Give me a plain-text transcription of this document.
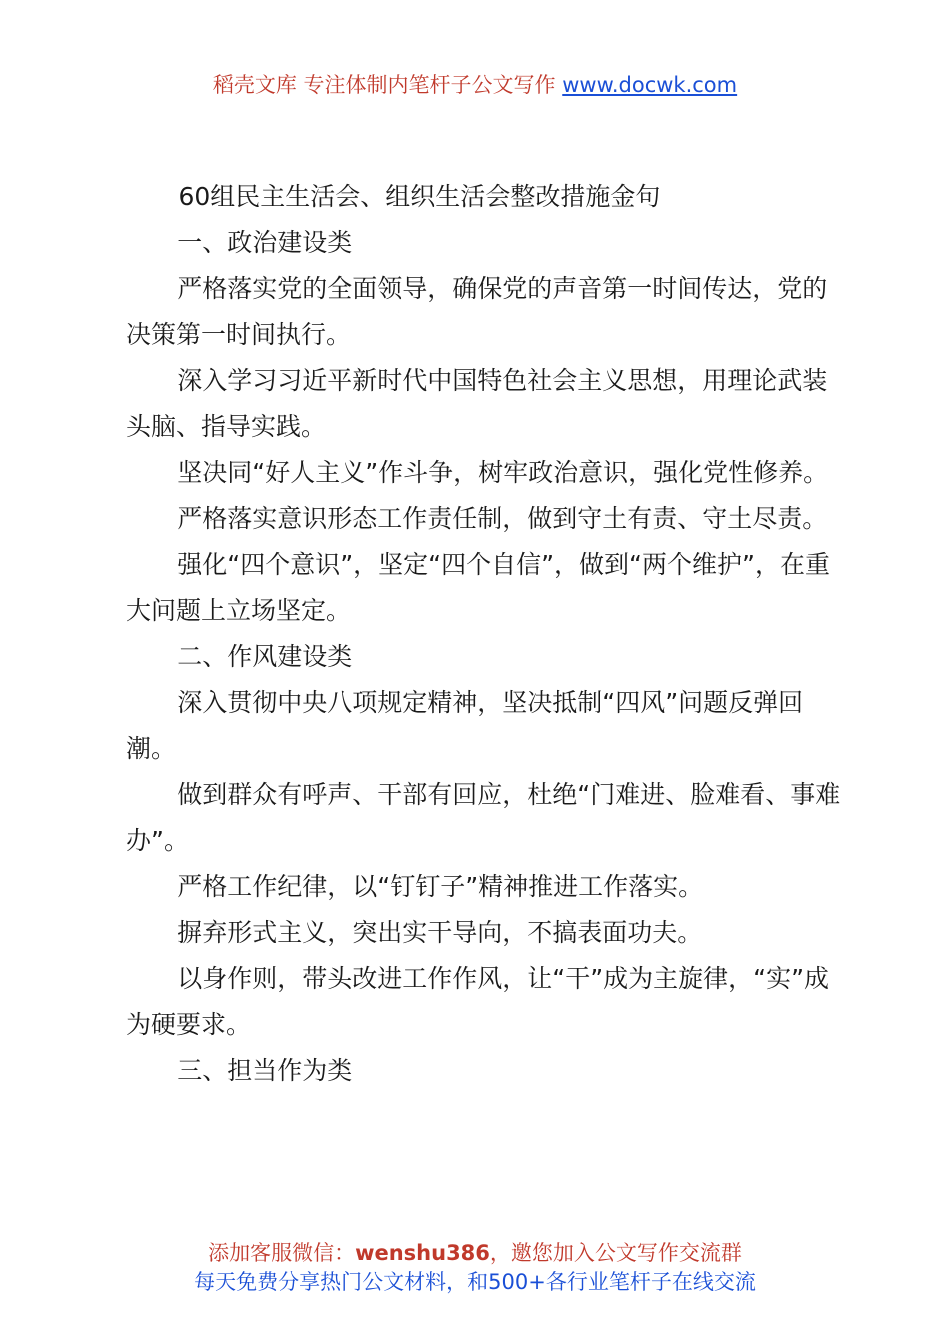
稻壳文库 专注体制内笔杆子公文写作 www.docwk.com

60组民主生活会、组织生活会整改措施金句

一、政治建设类

严格落实党的全面领导，确保党的声音第一时间传达，党的决策第一时间执行。

深入学习习近平新时代中国特色社会主义思想，用理论武装头脑、指导实践。

坚决同“好人主义”作斗争，树牢政治意识，强化党性修养。

严格落实意识形态工作责任制，做到守土有责、守土尽责。

强化“四个意识”，坚定“四个自信”，做到“两个维护”，在重大问题上立场坚定。

二、作风建设类

深入贯彻中央八项规定精神，坚决抵制“四风”问题反弹回潮。

做到群众有呼声、干部有回应，杜绝“门难进、脸难看、事难办”。

严格工作纪律，以“钉钉子”精神推进工作落实。

摒弃形式主义，突出实干导向，不搞表面功夫。

以身作则，带头改进工作作风，让“干”成为主旋律，“实”成为硬要求。

三、担当作为类

添加客服微信：wenshu386，邀您加入公文写作交流群
每天免费分享热门公文材料，和500+各行业笔杆子在线交流
